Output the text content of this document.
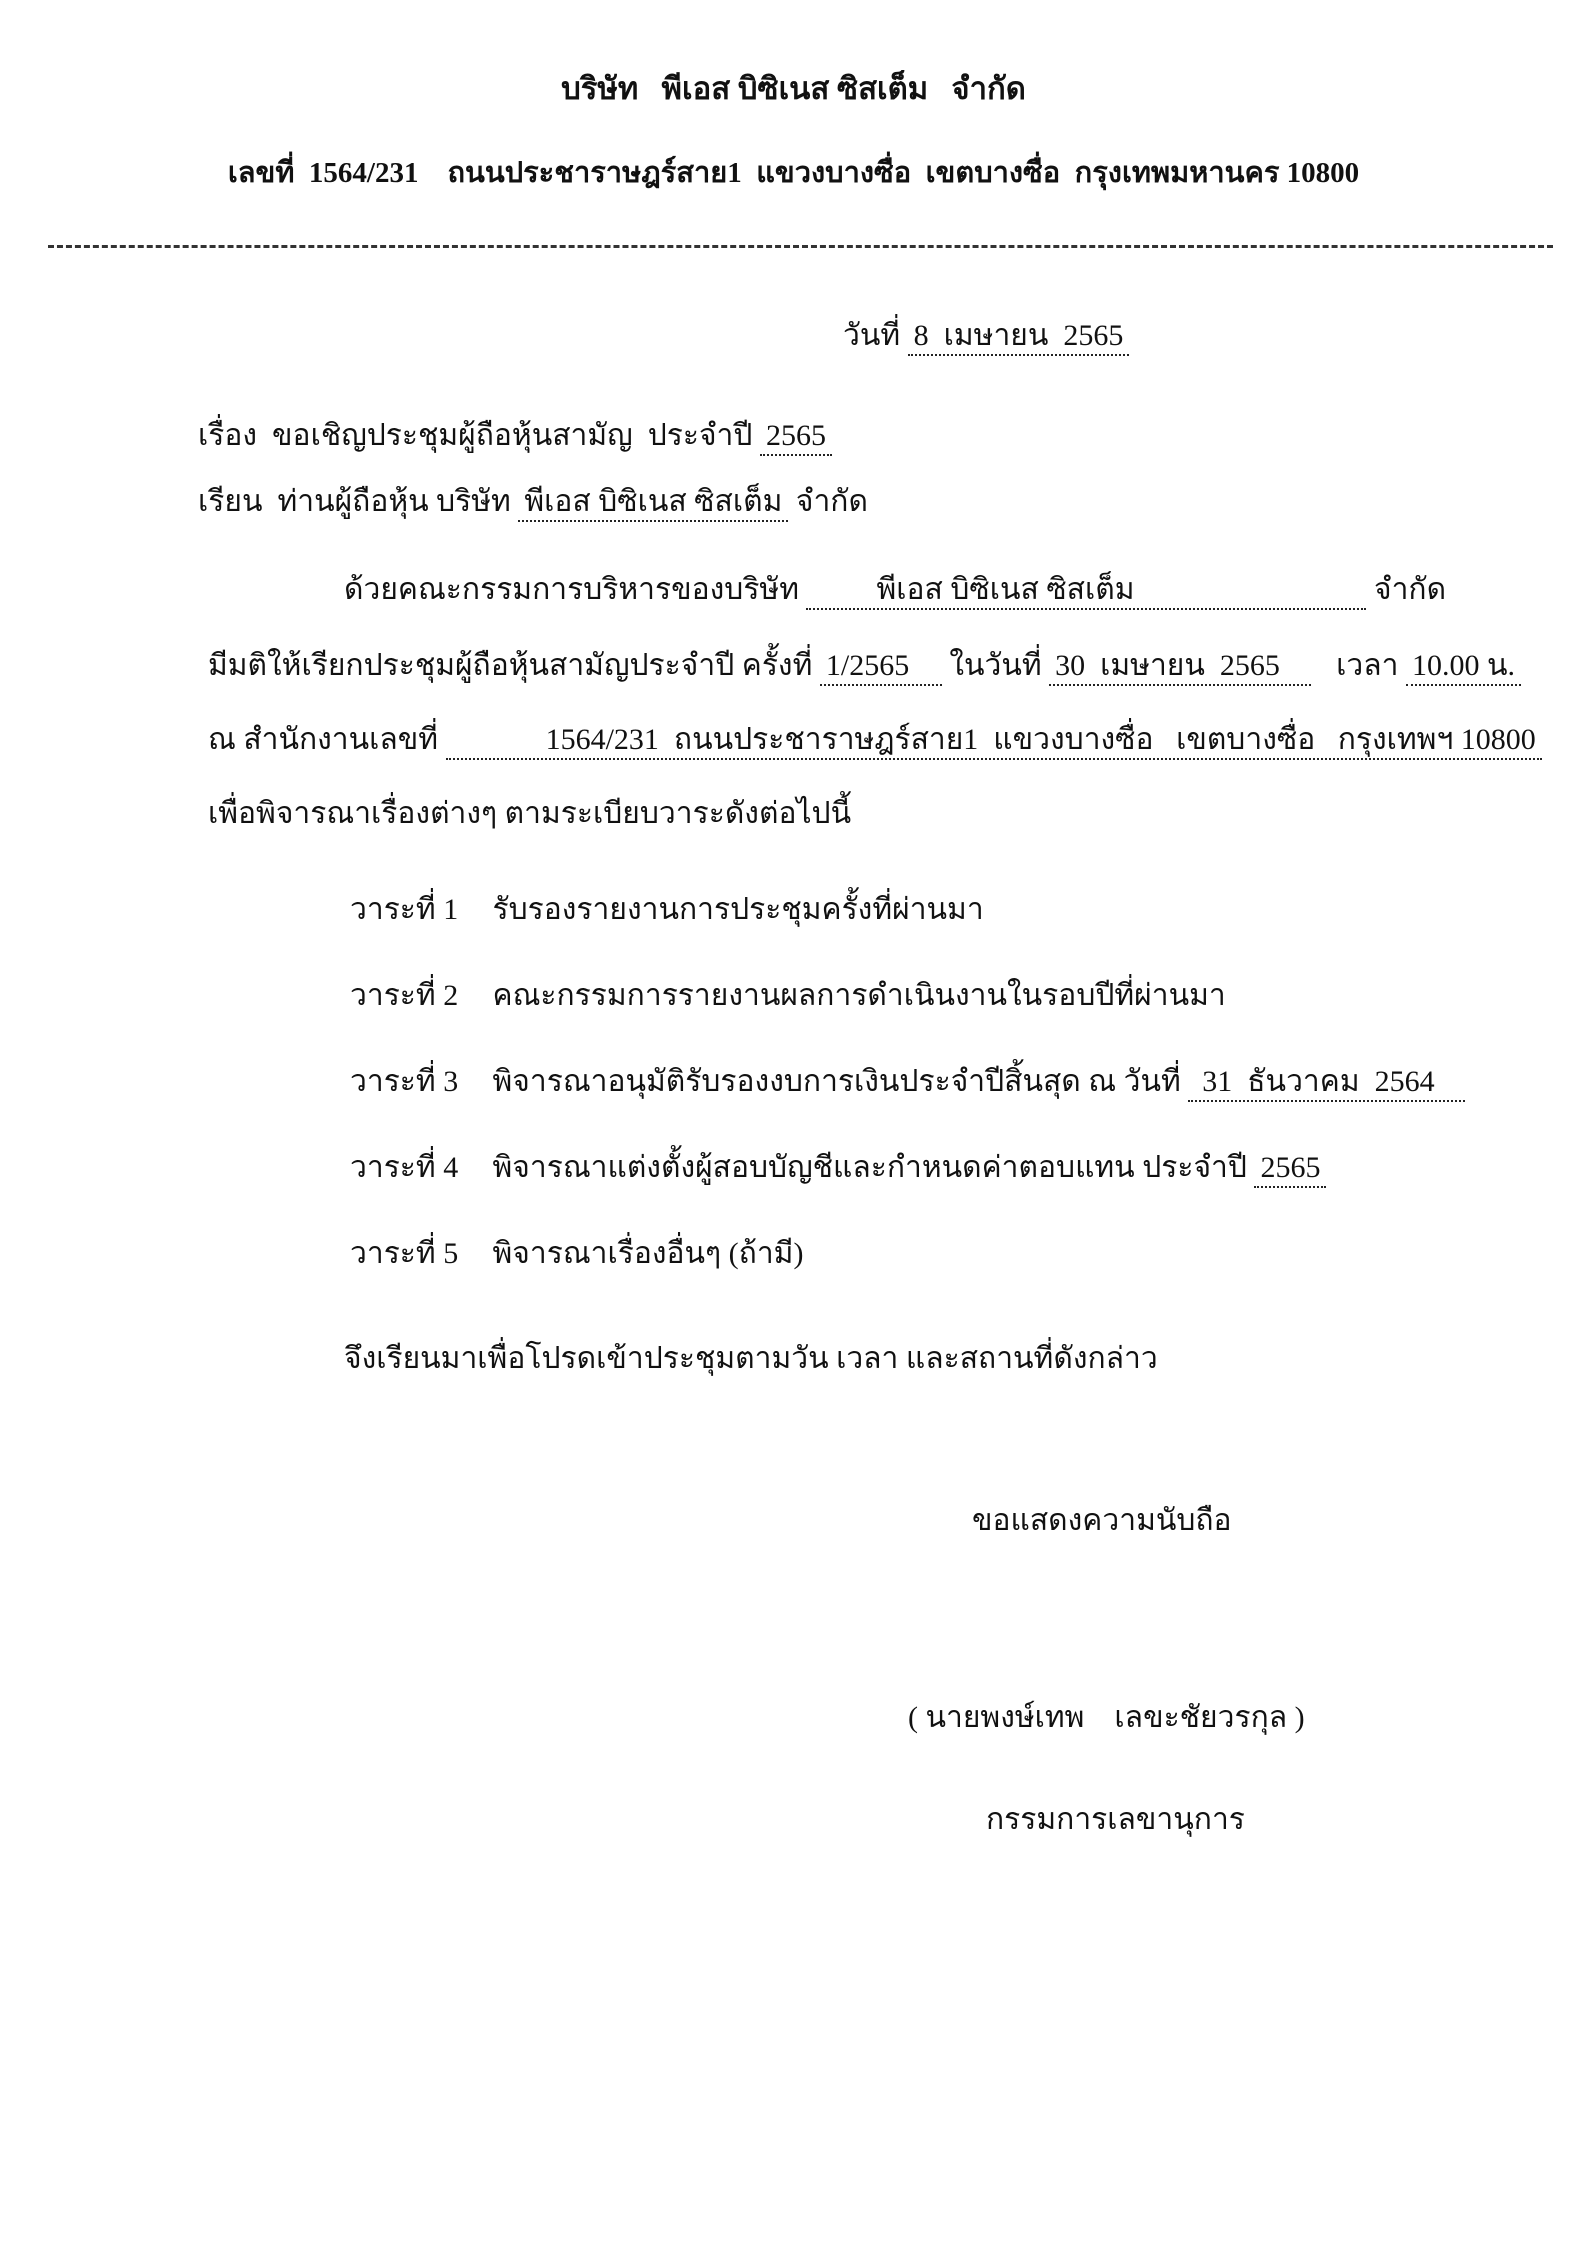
บริษัท   พีเอส บิซิเนส ซิสเต็ม   จำกัด
เลขที่  1564/231    ถนนประชาราษฎร์สาย1  แขวงบางซื่อ  เขตบางซื่อ  กรุงเทพมหานคร 10800
วันที่ 8 เมษายน 2565
เรื่อง ขอเชิญประชุมผู้ถือหุ้นสามัญ  ประจำปี 2565
เรียน ท่านผู้ถือหุ้น บริษัท พีเอส บิซิเนส ซิสเต็ม จำกัด
ด้วยคณะกรรมการบริหารของบริษัท	พีเอส บิซิเนส ซิสเต็ม	จำกัด
มีมติให้เรียกประชุมผู้ถือหุ้นสามัญประจำปี ครั้งที่ 1/2565 ในวันที่ 30  เมษายน  2565 เวลา 10.00 น.
ณ สำนักงานเลขที่	1564/231  ถนนประชาราษฎร์สาย1  แขวงบางซื่อ   เขตบางซื่อ   กรุงเทพฯ 10800
เพื่อพิจารณาเรื่องต่างๆ ตามระเบียบวาระดังต่อไปนี้
วาระที่ 1 รับรองรายงานการประชุมครั้งที่ผ่านมา
วาระที่ 2 คณะกรรมการรายงานผลการดำเนินงานในรอบปีที่ผ่านมา
วาระที่ 3 พิจารณาอนุมัติรับรองงบการเงินประจำปีสิ้นสุด ณ วันที่ 31  ธันวาคม  2564
วาระที่ 4 พิจารณาแต่งตั้งผู้สอบบัญชีและกำหนดค่าตอบแทน ประจำปี 2565
วาระที่ 5 พิจารณาเรื่องอื่นๆ (ถ้ามี)
จึงเรียนมาเพื่อโปรดเข้าประชุมตามวัน เวลา และสถานที่ดังกล่าว
ขอแสดงความนับถือ
( นายพงษ์เทพ    เลขะชัยวรกุล )
กรรมการเลขานุการ
